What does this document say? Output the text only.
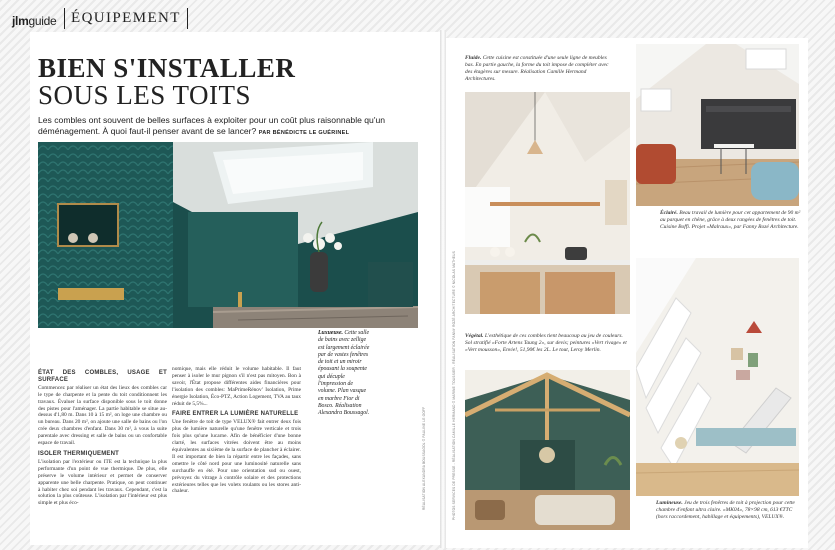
jlmguide ÉQUIPEMENT
BIEN S'INSTALLER
SOUS LES TOITS
Les combles ont souvent de belles surfaces à exploiter pour un coût plus raisonnable qu'un déménagement. À quoi faut-il penser avant de se lancer? PAR BÉNÉDICTE LE GUÉRINEL
RÉALISATION ALEXANDRA BOUSSAGOL © PAULINE LE GOFF
Luxueuse. Cette salle de bains avec zellige est largement éclairée par de vastes fenêtres de toit et un miroir épousant la soupente qui décuple l'impression de volume. Plan vasque en marbre Fior di Bosco. Réalisation Alexandra Boussagol.
ÉTAT DES COMBLES, USAGE ET SURFACE

Commencez par réaliser un état des lieux des combles car le type de charpente et la pente du toit conditionnent les travaux. Évaluer la surface disponible sous le toit donne des pistes pour l'aménager. La partie habitable se situe au-dessus d'1,80 m. Dans 10 à 15 m², on loge une chambre ou un bureau. Dans 20 m², on ajoute une salle de bains ou l'on crée deux chambres d'enfant. Dans 30 m², à vous la suite parentale avec dressing et salle de bains ou un confortable espace de travail.

ISOLER THERMIQUEMENT

L'isolation par l'extérieur ou ITE est la technique la plus performante d'un point de vue thermique. De plus, elle préserve le volume intérieur et permet de conserver apparente une belle charpente. Pratique, on peut continuer à habiter chez soi pendant les travaux. Cependant, c'est la solution la plus coûteuse. L'isolation par l'intérieur est plus simple et plus éco-

nomique, mais elle réduit le volume habitable. Il faut penser à isoler le mur pignon s'il n'est pas mitoyen. Bon à savoir, l'État propose différentes aides financières pour l'isolation des combles: MaPrimeRénov' Isolation, Prime énergie Isolation, Éco-PTZ, Action Logement, TVA au taux réduit de 5,5%...

FAIRE ENTRER LA LUMIÈRE NATURELLE

Une fenêtre de toit de type VELUX® fait entrer deux fois plus de lumière naturelle qu'une fenêtre verticale et trois fois plus qu'une lucarne. Afin de bénéficier d'une bonne clarté, les surfaces vitrées doivent être au moins équivalentes au sixième de la surface de plancher à éclairer. Il est important de bien la répartir entre les façades, sans omettre le côté nord pour une luminosité naturelle sans surchauffe en été. Pour une orientation sud ou ouest, prévoyez du vitrage à contrôle solaire et des protections extérieures telles que les volets roulants ou les stores anti-chaleur.	PHOTOS SERVICES DE PRESSE - RÉALISATION CAMILLE HERMAND © MARINE TOUSSIER - RÉALISATION FANNY ROZÉ ARCHITECTURE © NICOLAS MATHEUS
Fluide. Cette cuisine est constituée d'une seule ligne de meubles bas. En partie gauche, la forme du toit impose de compléter avec des étagères sur mesure. Réalisation Camille Hermand Architectures.
Éclairé. Beau travail de lumière pour cet appartement de 90 m² au parquet en chêne, grâce à deux rangées de fenêtres de toit. Cuisine Boffi. Projet «Malraux», par Fanny Rozé Architecture.
Végétal. L'esthétique de ces combles tient beaucoup au jeu de couleurs. Sol stratifié «Forte Artens Taung 2», sur devis; peintures «Vert rivage» et «Vert mousson», Envie!, 51,90€ les 2L. Le tout, Leroy Merlin.
Lumineuse. Jeu de trois fenêtres de toit à projection pour cette chambre d'enfant ultra claire. «MK04», 78×98 cm, 613 €TTC (hors raccordement, habillage et équipements), VELUX®.
